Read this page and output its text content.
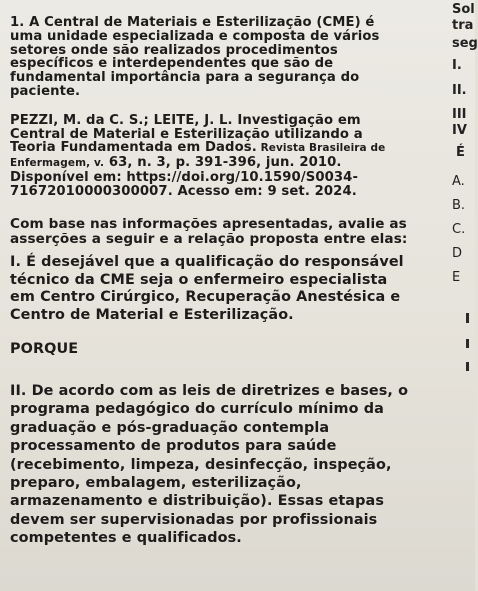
1. A Central de Materiais e Esterilização (CME) é
uma unidade especializada e composta de vários
setores onde são realizados procedimentos
específicos e interdependentes que são de
fundamental importância para a segurança do
paciente.
PEZZI, M. da C. S.; LEITE, J. L. Investigação em
Central de Material e Esterilização utilizando a
Teoria Fundamentada em Dados. Revista Brasileira de
Enfermagem, v. 63, n. 3, p. 391-396, jun. 2010.
Disponível em: https://doi.org/10.1590/S0034-
71672010000300007. Acesso em: 9 set. 2024.
Com base nas informações apresentadas, avalie as
asserções a seguir e a relação proposta entre elas:
I. É desejável que a qualificação do responsável
técnico da CME seja o enfermeiro especialista
em Centro Cirúrgico, Recuperação Anestésica e
Centro de Material e Esterilização.
PORQUE
II. De acordo com as leis de diretrizes e bases, o
programa pedagógico do currículo mínimo da
graduação e pós-graduação contempla
processamento de produtos para saúde
(recebimento, limpeza, desinfecção, inspeção,
preparo, embalagem, esterilização,
armazenamento e distribuição). Essas etapas
devem ser supervisionadas por profissionais
competentes e qualificados.
Sol
tra
seg
I.
II.
III
IV
É
A.
B.
C.
D
E
